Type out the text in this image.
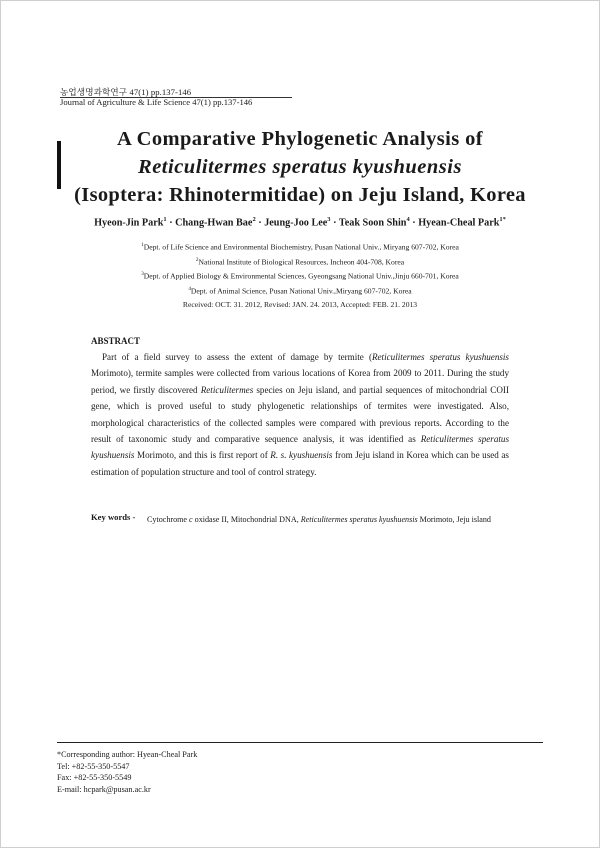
농업생명과학연구 47(1) pp.137-146
Journal of Agriculture & Life Science 47(1) pp.137-146
A Comparative Phylogenetic Analysis of
Reticulitermes speratus kyushuensis
(Isoptera: Rhinotermitidae) on Jeju Island, Korea
Hyeon-Jin Park$^1$ · Chang-Hwan Bae$^2$ · Jeung-Joo Lee$^3$ · Teak Soon Shin$^4$ · Hyean-Cheal Park$^{1*}$
$^1$Dept. of Life Science and Environmental Biochemistry, Pusan National Univ., Miryang 607-702, Korea
$^2$National Institute of Biological Resources, Incheon 404-708, Korea
$^3$Dept. of Applied Biology & Environmental Sciences, Gyeongsang National Univ.,Jinju 660-701, Korea
$^4$Dept. of Animal Science, Pusan National Univ.,Miryang 607-702, Korea
Received: OCT. 31. 2012, Revised: JAN. 24. 2013, Accepted: FEB. 21. 2013
ABSTRACT

Part of a field survey to assess the extent of damage by termite (Reticulitermes speratus kyushuensis Morimoto), termite samples were collected from various locations of Korea from 2009 to 2011. During the study period, we firstly discovered Reticulitermes species on Jeju island, and partial sequences of mitochondrial COII gene, which is proved useful to study phylogenetic relationships of termites were investigated. Also, morphological characteristics of the collected samples were compared with previous reports. According to the result of taxonomic study and comparative sequence analysis, it was identified as Reticulitermes speratus kyushuensis Morimoto, and this is first report of R. s. kyushuensis from Jeju island in Korea which can be used as estimation of population structure and tool of control strategy.

Key words - Cytochrome c oxidase II, Mitochondrial DNA, Reticulitermes speratus kyushuensis Morimoto, Jeju island
*Corresponding author: Hyean-Cheal Park
Tel: +82-55-350-5547
Fax: +82-55-350-5549
E-mail: hcpark@pusan.ac.kr
